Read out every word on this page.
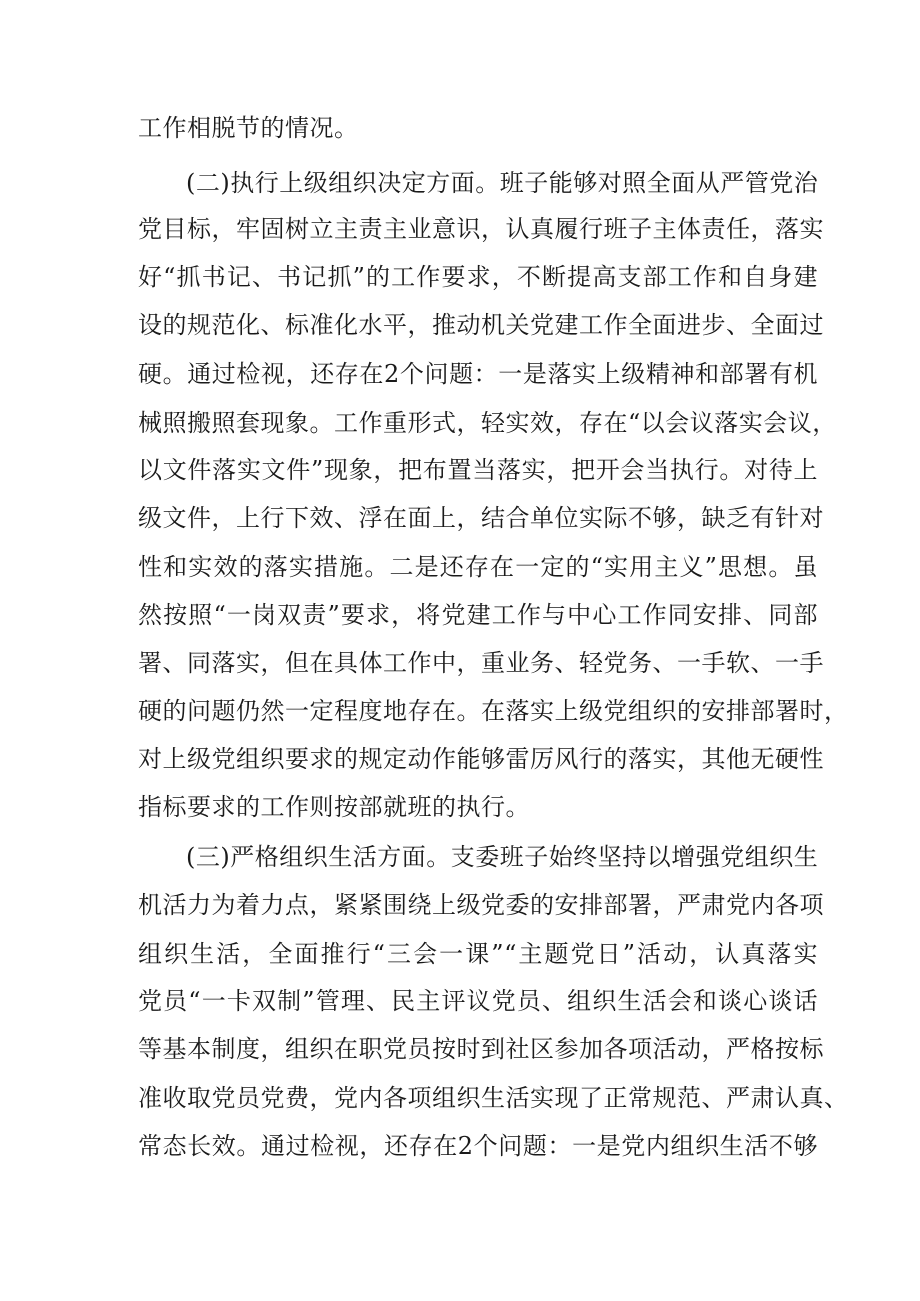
工作相脱节的情况。
(二)执行上级组织决定方面。班子能够对照全面从严管党治
党目标，牢固树立主责主业意识，认真履行班子主体责任，落实
好“抓书记、书记抓”的工作要求，不断提高支部工作和自身建
设的规范化、标准化水平，推动机关党建工作全面进步、全面过
硬。通过检视，还存在2个问题：一是落实上级精神和部署有机
械照搬照套现象。工作重形式，轻实效，存在“以会议落实会议，
以文件落实文件”现象，把布置当落实，把开会当执行。对待上
级文件，上行下效、浮在面上，结合单位实际不够，缺乏有针对
性和实效的落实措施。二是还存在一定的“实用主义”思想。虽
然按照“一岗双责”要求，将党建工作与中心工作同安排、同部
署、同落实，但在具体工作中，重业务、轻党务、一手软、一手
硬的问题仍然一定程度地存在。在落实上级党组织的安排部署时，
对上级党组织要求的规定动作能够雷厉风行的落实，其他无硬性
指标要求的工作则按部就班的执行。
(三)严格组织生活方面。支委班子始终坚持以增强党组织生
机活力为着力点，紧紧围绕上级党委的安排部署，严肃党内各项
组织生活，全面推行“三会一课”“主题党日”活动，认真落实
党员“一卡双制”管理、民主评议党员、组织生活会和谈心谈话
等基本制度，组织在职党员按时到社区参加各项活动，严格按标
准收取党员党费，党内各项组织生活实现了正常规范、严肃认真、
常态长效。通过检视，还存在2个问题：一是党内组织生活不够
